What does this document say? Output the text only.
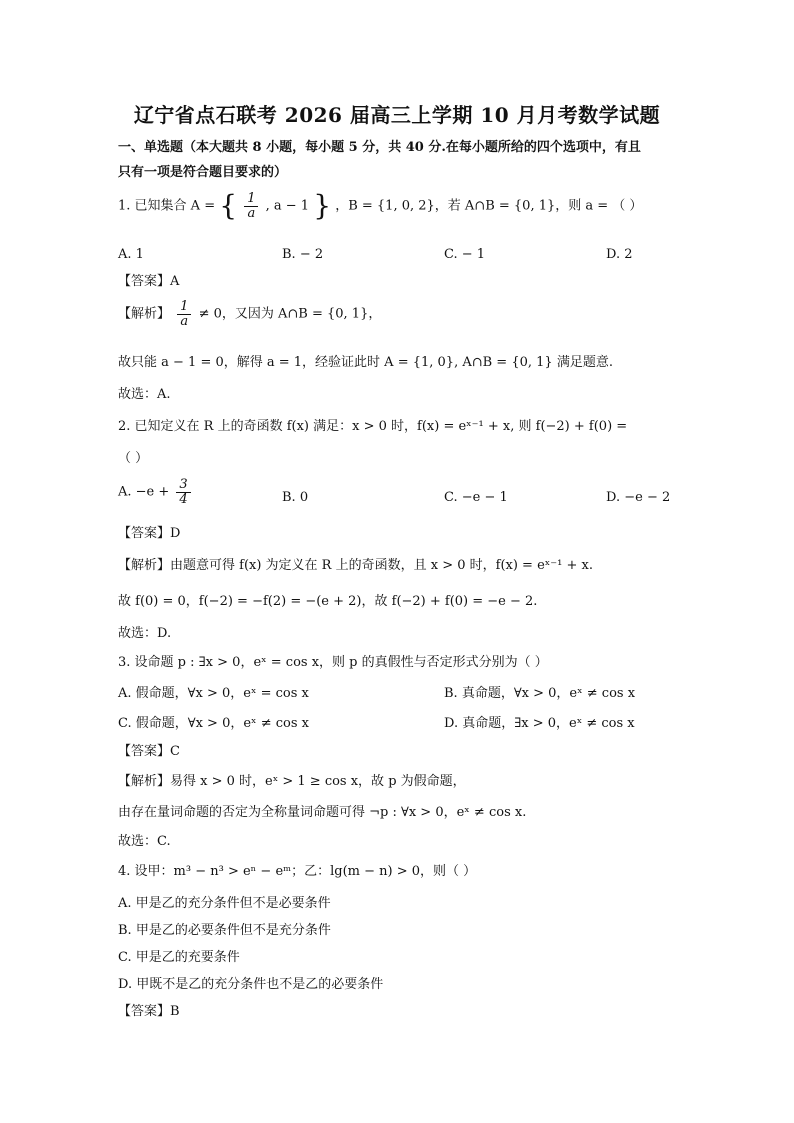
辽宁省点石联考 2026 届高三上学期 10 月月考数学试题
一、单选题（本大题共 8 小题，每小题 5 分，共 40 分.在每小题所给的四个选项中，有且
只有一项是符合题目要求的）
1. 已知集合 A = { $\frac{1}{a}$ , a − 1 } ，B = {1, 0, 2}，若 A∩B = {0, 1}，则 a = （ ）
A. 1	B. − 2	C. − 1	D. 2
【答案】A
【解析】 $\frac{1}{a} \ne 0$，又因为 A∩B = {0, 1}，
故只能 a − 1 = 0，解得 a = 1，经验证此时 A = {1, 0}, A∩B = {0, 1} 满足题意.
故选：A.
2. 已知定义在 R 上的奇函数 f(x) 满足：x > 0 时，f(x) = eˣ⁻¹ + x, 则 f(−2) + f(0) =
（ ）
A. $-e + \frac{3}{4}$	B. 0	C. −e − 1	D. −e − 2
【答案】D
【解析】由题意可得 f(x) 为定义在 R 上的奇函数，且 x > 0 时，f(x) = eˣ⁻¹ + x.
故 f(0) = 0，f(−2) = −f(2) = −(e + 2)，故 f(−2) + f(0) = −e − 2.
故选：D.
3. 设命题 p : ∃x > 0，eˣ = cos x，则 p 的真假性与否定形式分别为（ ）
A. 假命题，∀x > 0，eˣ = cos x	B. 真命题，∀x > 0，eˣ ≠ cos x
C. 假命题，∀x > 0，eˣ ≠ cos x	D. 真命题，∃x > 0，eˣ ≠ cos x
【答案】C
【解析】易得 x > 0 时，eˣ > 1 ≥ cos x，故 p 为假命题，
由存在量词命题的否定为全称量词命题可得 ¬p : ∀x > 0，eˣ ≠ cos x.
故选：C.
4. 设甲：m³ − n³ > eⁿ − eᵐ；乙：lg(m − n) > 0，则（ ）
A. 甲是乙的充分条件但不是必要条件
B. 甲是乙的必要条件但不是充分条件
C. 甲是乙的充要条件
D. 甲既不是乙的充分条件也不是乙的必要条件
【答案】B
